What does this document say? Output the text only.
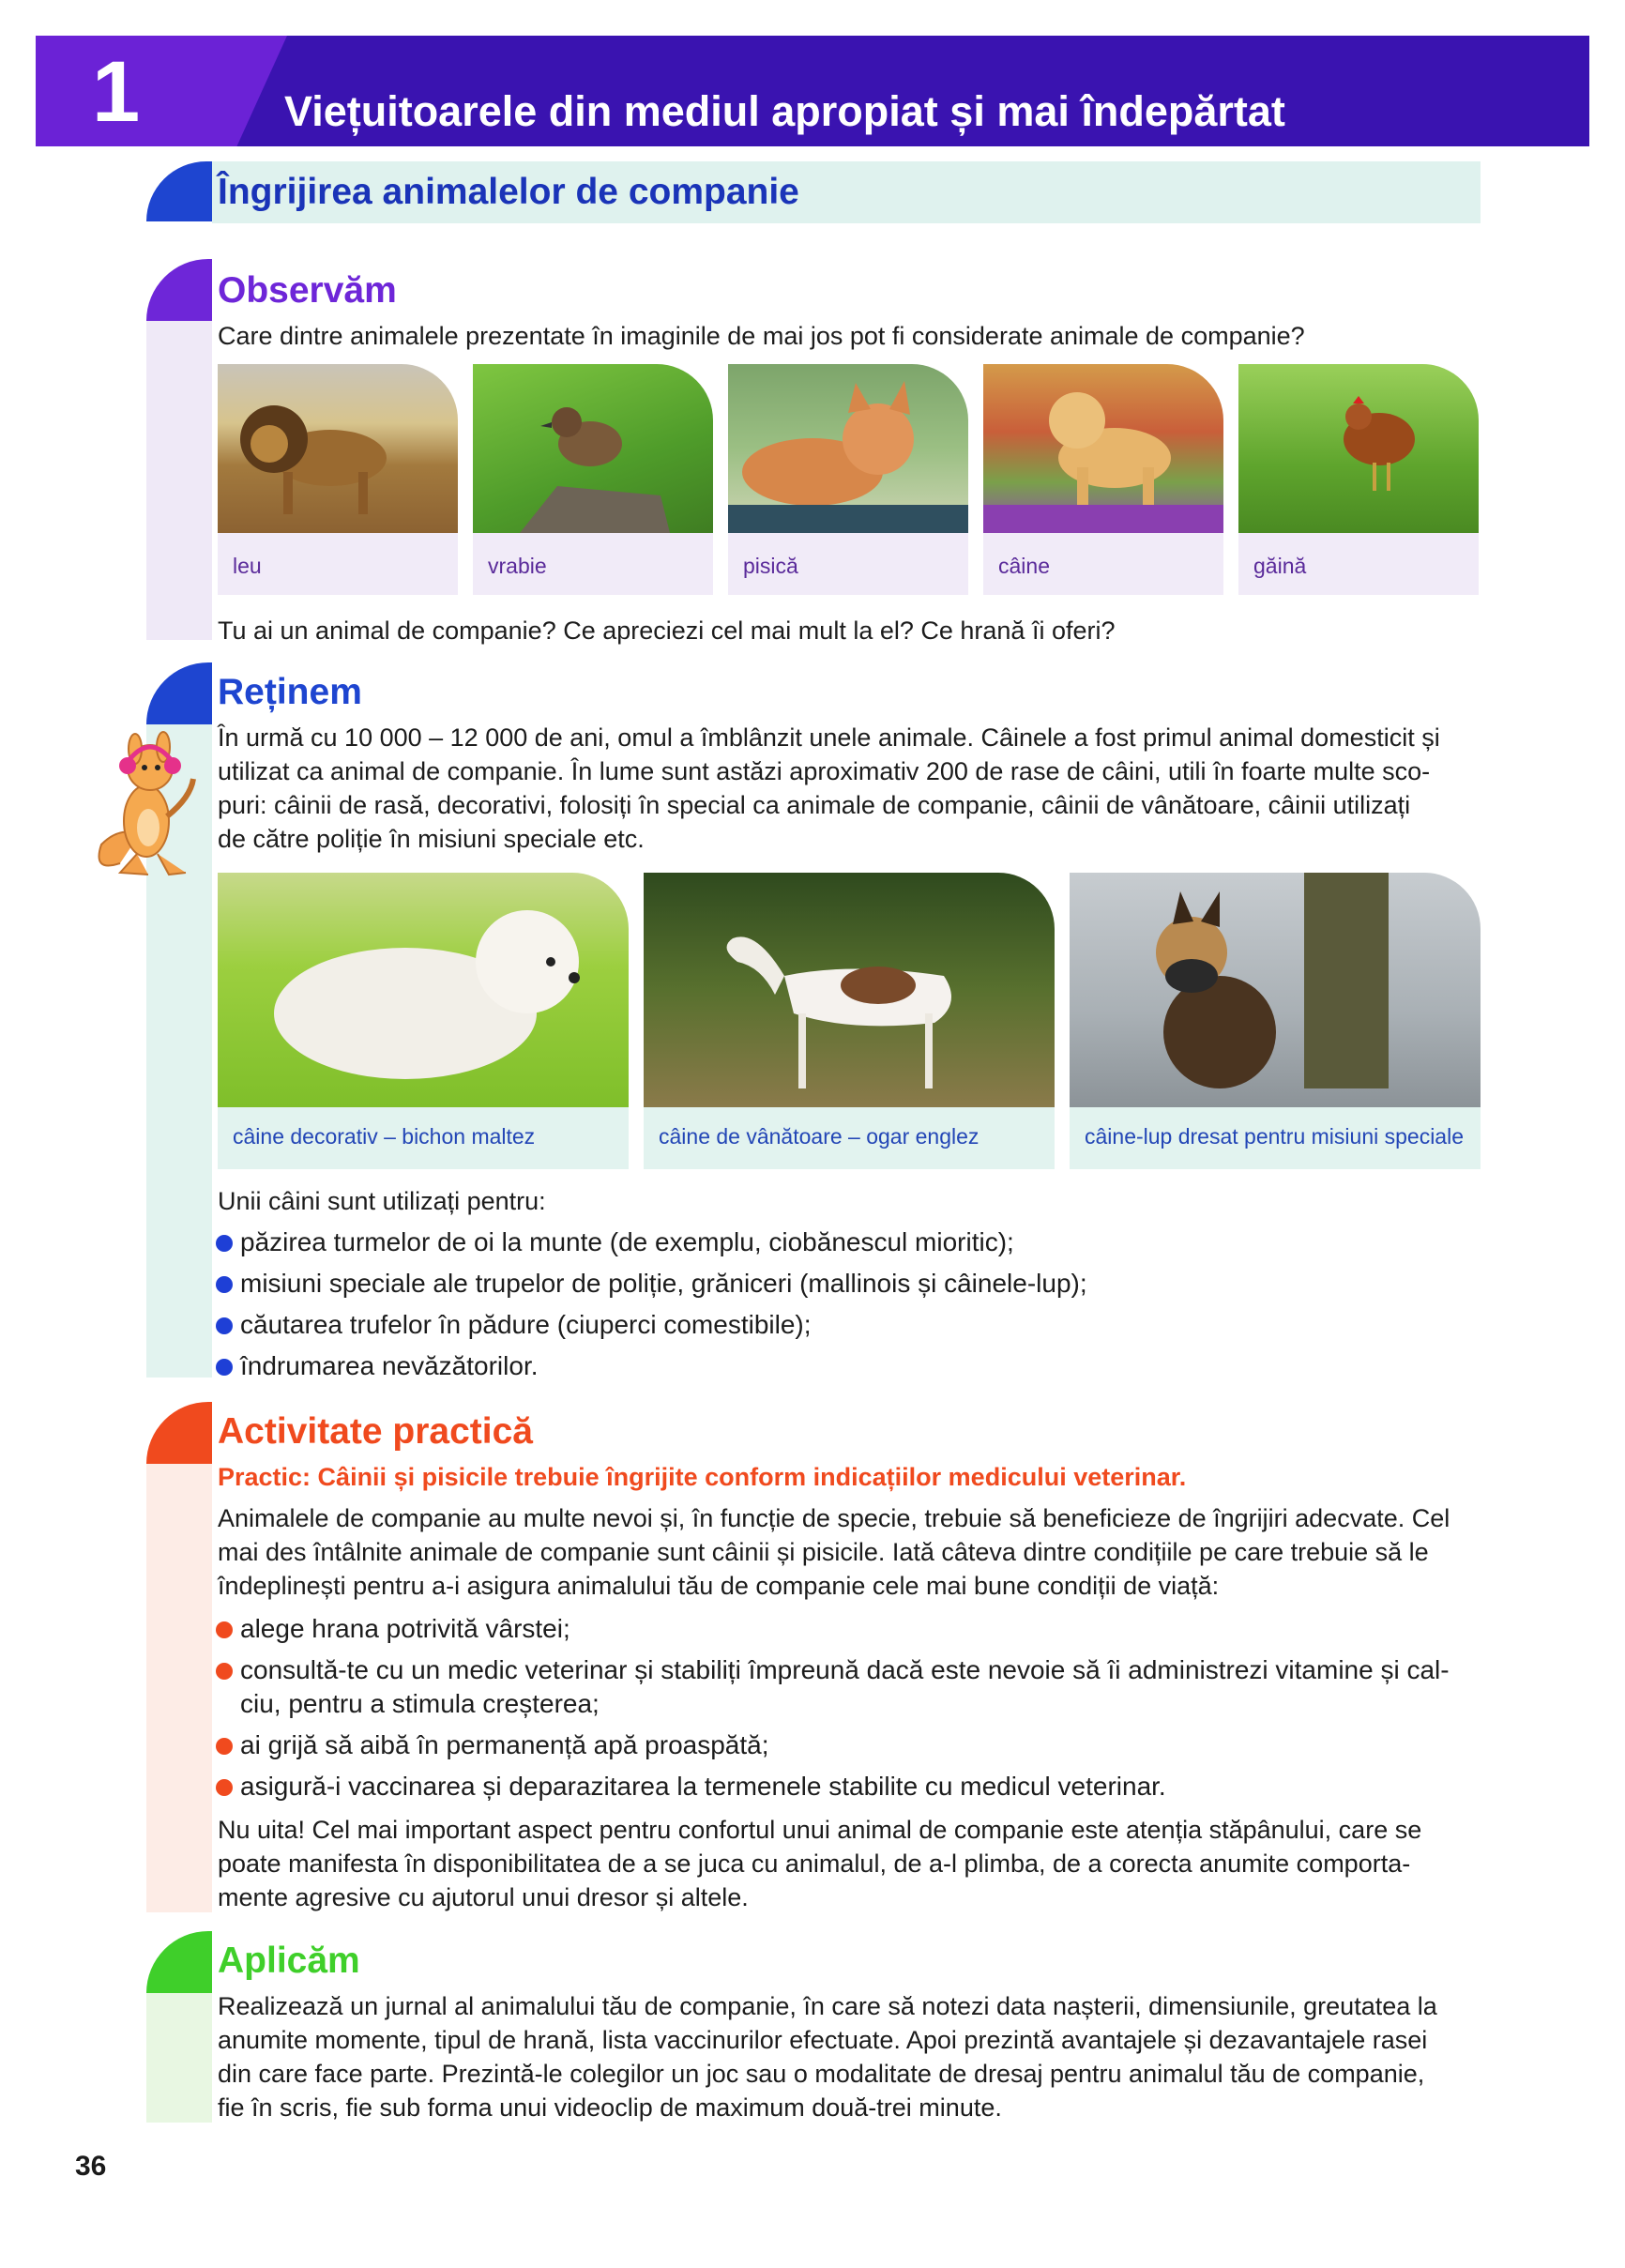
1	Viețuitoarele din mediul apropiat și mai îndepărtat
Îngrijirea animalelor de companie
Observăm
Care dintre animalele prezentate în imaginile de mai jos pot fi considerate animale de companie?
leu	vrabie	pisică	câine	găină
Tu ai un animal de companie? Ce apreciezi cel mai mult la el? Ce hrană îi oferi?
Reținem
În urmă cu 10 000 – 12 000 de ani, omul a îmblânzit unele animale. Câinele a fost primul animal domesticit și
utilizat ca animal de companie. În lume sunt astăzi aproximativ 200 de rase de câini, utili în foarte multe sco-
puri: câinii de rasă, decorativi, folosiți în special ca animale de companie, câinii de vânătoare, câinii utilizați
de către poliție în misiuni speciale etc.
câine decorativ – bichon maltez	câine de vânătoare – ogar englez	câine-lup dresat pentru misiuni speciale
Unii câini sunt utilizați pentru:
păzirea turmelor de oi la munte (de exemplu, ciobănescul mioritic);
misiuni speciale ale trupelor de poliție, grăniceri (mallinois și câinele-lup);
căutarea trufelor în pădure (ciuperci comestibile);
îndrumarea nevăzătorilor.
Activitate practică
Practic: Câinii și pisicile trebuie îngrijite conform indicațiilor medicului veterinar.
Animalele de companie au multe nevoi și, în funcție de specie, trebuie să beneficieze de îngrijiri adecvate. Cel
mai des întâlnite animale de companie sunt câinii și pisicile. Iată câteva dintre condițiile pe care trebuie să le
îndeplinești pentru a-i asigura animalului tău de companie cele mai bune condiții de viață:
alege hrana potrivită vârstei;
consultă-te cu un medic veterinar și stabiliți împreună dacă este nevoie să îi administrezi vitamine și cal-
ciu, pentru a stimula creșterea;
ai grijă să aibă în permanență apă proaspătă;
asigură-i vaccinarea și deparazitarea la termenele stabilite cu medicul veterinar.
Nu uita! Cel mai important aspect pentru confortul unui animal de companie este atenția stăpânului, care se
poate manifesta în disponibilitatea de a se juca cu animalul, de a-l plimba, de a corecta anumite comporta-
mente agresive cu ajutorul unui dresor și altele.
Aplicăm
Realizează un jurnal al animalului tău de companie, în care să notezi data nașterii, dimensiunile, greutatea la
anumite momente, tipul de hrană, lista vaccinurilor efectuate. Apoi prezintă avantajele și dezavantajele rasei
din care face parte. Prezintă-le colegilor un joc sau o modalitate de dresaj pentru animalul tău de companie,
fie în scris, fie sub forma unui videoclip de maximum două-trei minute.
36
